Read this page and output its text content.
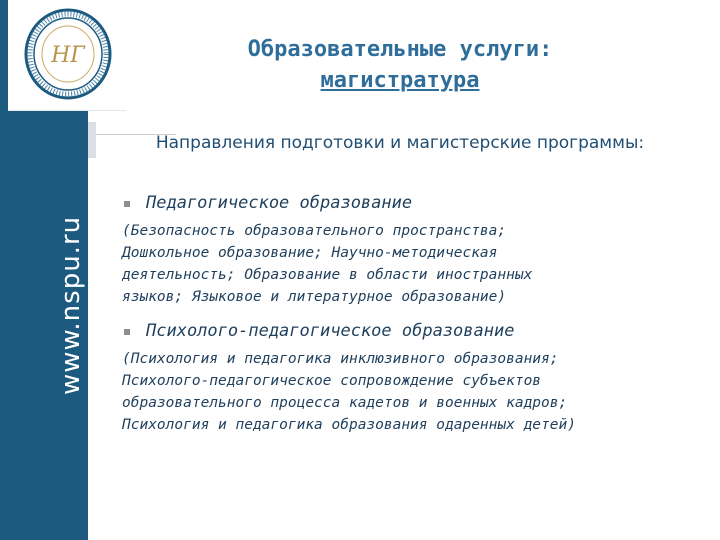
НГ
www.nspu.ru
Образовательные услуги:
магистратура
Направления подготовки и магистерские программы:
Педагогическое образование
(Безопасность образовательного пространства;
Дошкольное образование; Научно-методическая
деятельность; Образование в области иностранных
языков; Языковое и литературное образование)
Психолого-педагогическое образование
(Психология и педагогика инклюзивного образования;
Психолого-педагогическое сопровождение субъектов
образовательного процесса кадетов и военных кадров;
Психология и педагогика образования одаренных детей)
